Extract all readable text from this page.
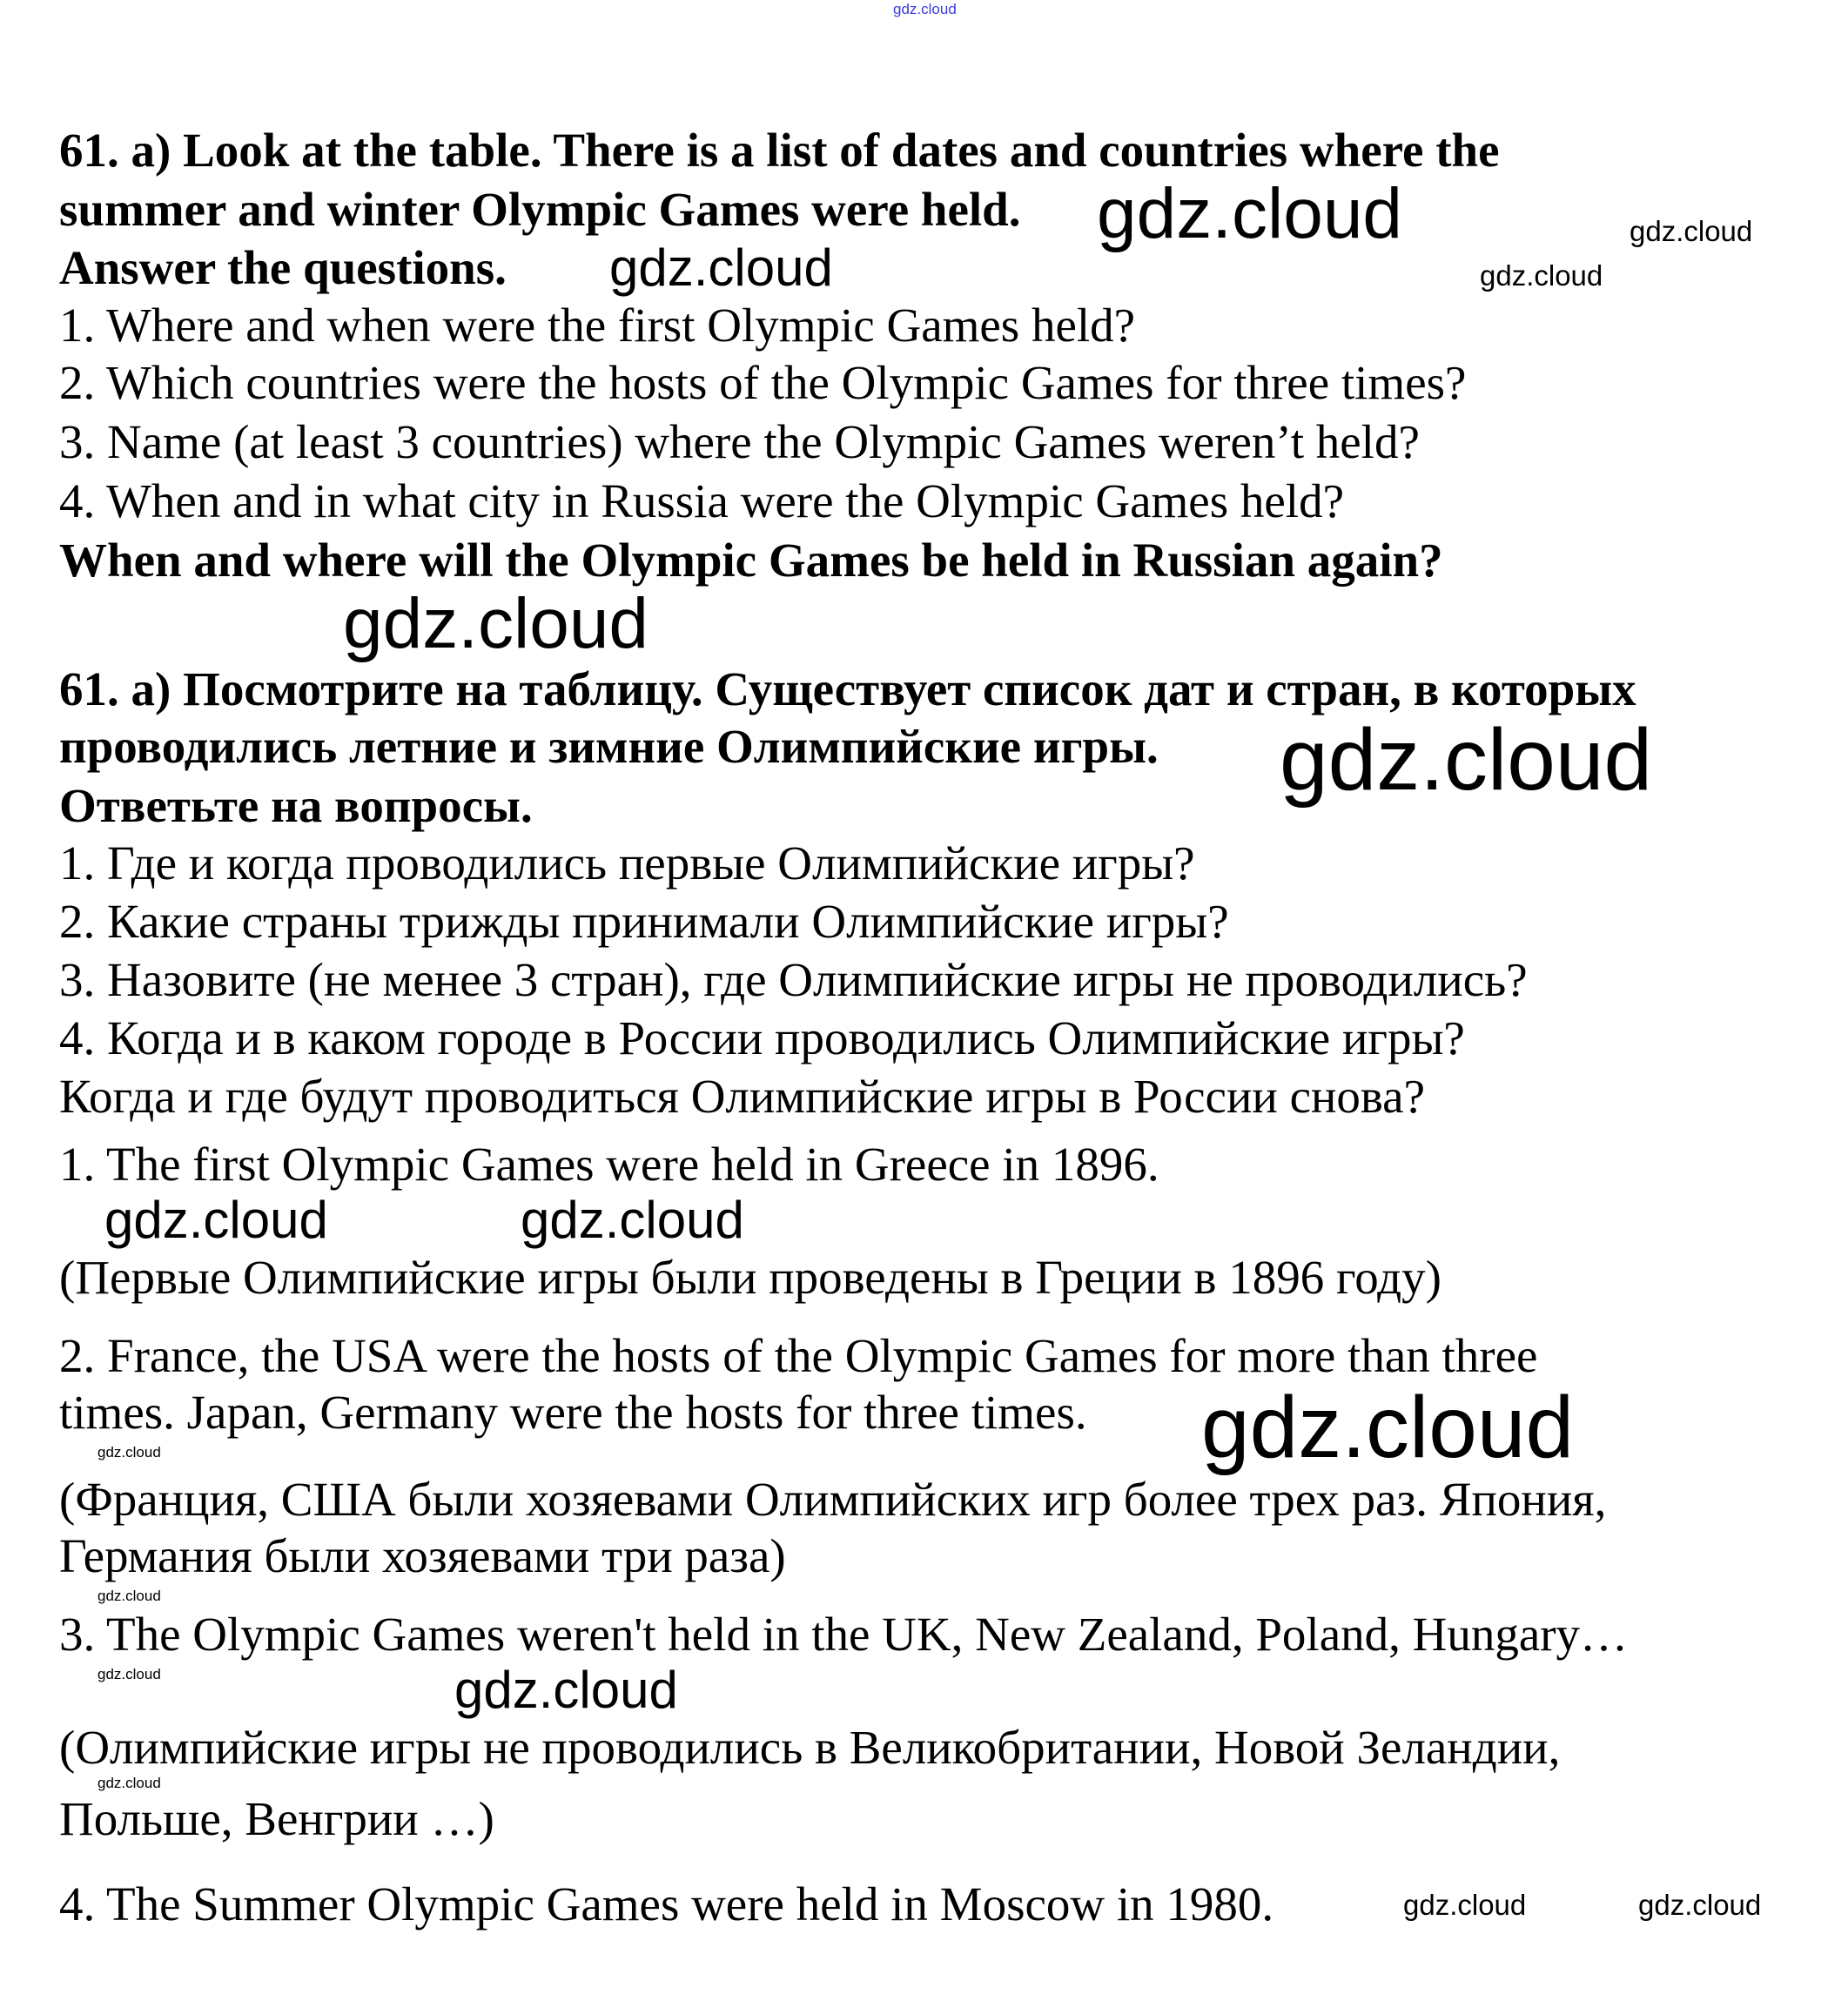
gdz.cloud
61. a) Look at the table. There is a list of dates and countries where the
summer and winter Olympic Games were held. gdz.cloud	gdz.cloud
Answer the questions. gdz.cloud	gdz.cloud
1. Where and when were the first Olympic Games held?
2. Which countries were the hosts of the Olympic Games for three times?
3. Name (at least 3 countries) where the Olympic Games weren’t held?
4. When and in what city in Russia were the Olympic Games held?
When and where will the Olympic Games be held in Russian again?
gdz.cloud
61. а) Посмотрите на таблицу. Существует список дат и стран, в которых
проводились летние и зимние Олимпийские игры. gdz.cloud
Ответьте на вопросы.
1. Где и когда проводились первые Олимпийские игры?
2. Какие страны трижды принимали Олимпийские игры?
3. Назовите (не менее 3 стран), где Олимпийские игры не проводились?
4. Когда и в каком городе в России проводились Олимпийские игры?
Когда и где будут проводиться Олимпийские игры в России снова?
1. The first Olympic Games were held in Greece in 1896.
gdz.cloud	gdz.cloud
(Первые Олимпийские игры были проведены в Греции в 1896 году)
2. France, the USA were the hosts of the Olympic Games for more than three
times. Japan, Germany were the hosts for three times. gdz.cloud
gdz.cloud
(Франция, США были хозяевами Олимпийских игр более трех раз. Япония,
Германия были хозяевами три раза)
gdz.cloud
3. The Olympic Games weren't held in the UK, New Zealand, Poland, Hungary…
gdz.cloud	gdz.cloud
(Олимпийские игры не проводились в Великобритании, Новой Зеландии,
gdz.cloud
Польше, Венгрии …)
4. The Summer Olympic Games were held in Moscow in 1980.	gdz.cloud	gdz.cloud
